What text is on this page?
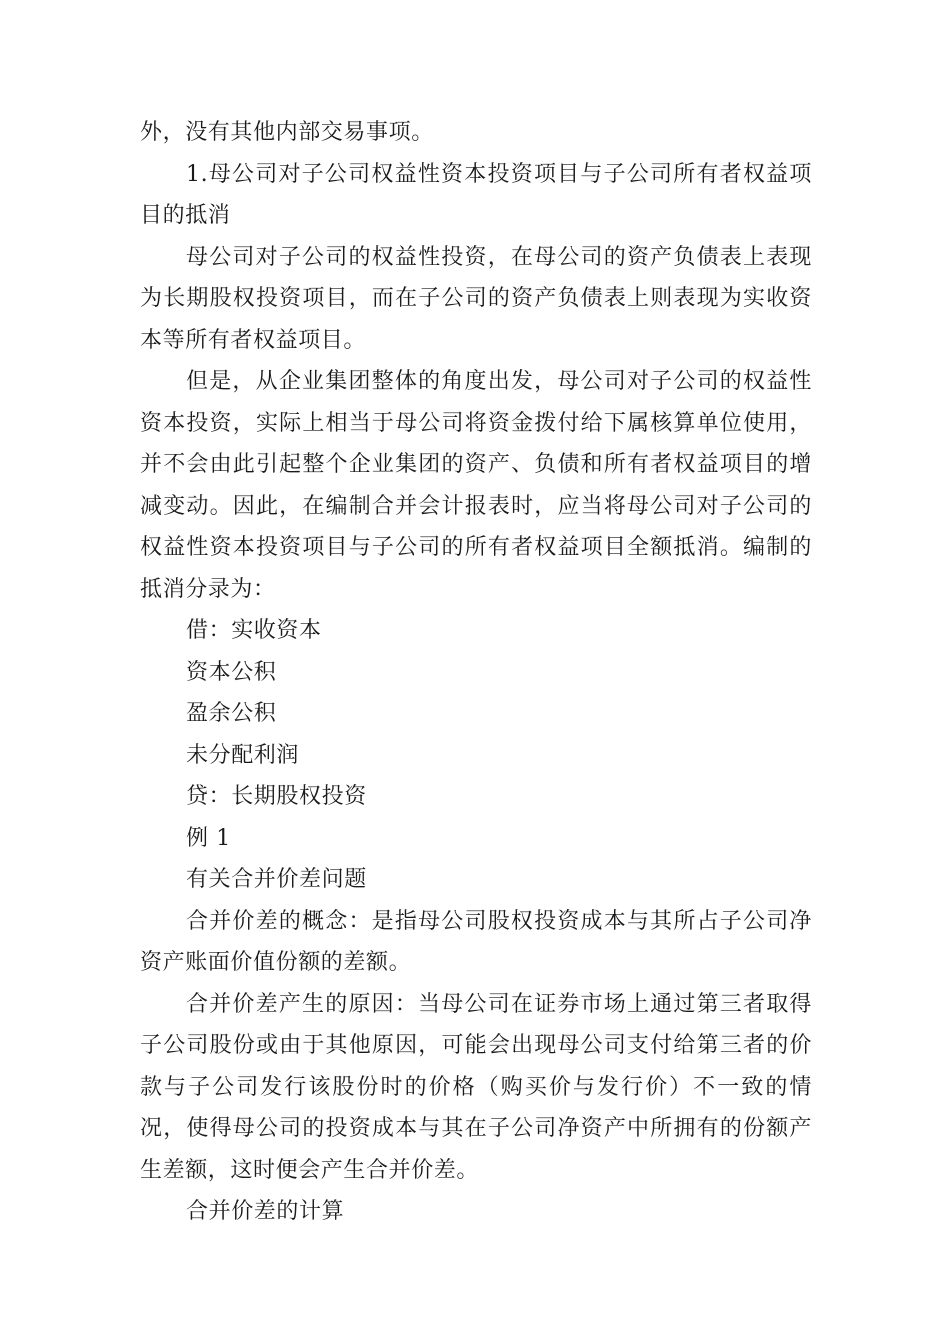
外，没有其他内部交易事项。

1.母公司对子公司权益性资本投资项目与子公司所有者权益项目的抵消

母公司对子公司的权益性投资，在母公司的资产负债表上表现为长期股权投资项目，而在子公司的资产负债表上则表现为实收资本等所有者权益项目。

但是，从企业集团整体的角度出发，母公司对子公司的权益性资本投资，实际上相当于母公司将资金拨付给下属核算单位使用，并不会由此引起整个企业集团的资产、负债和所有者权益项目的增减变动。因此，在编制合并会计报表时，应当将母公司对子公司的权益性资本投资项目与子公司的所有者权益项目全额抵消。编制的抵消分录为：

借：实收资本

资本公积

盈余公积

未分配利润

贷：长期股权投资

例 1

有关合并价差问题

合并价差的概念：是指母公司股权投资成本与其所占子公司净资产账面价值份额的差额。

合并价差产生的原因：当母公司在证券市场上通过第三者取得子公司股份或由于其他原因，可能会出现母公司支付给第三者的价款与子公司发行该股份时的价格（购买价与发行价）不一致的情况，使得母公司的投资成本与其在子公司净资产中所拥有的份额产生差额，这时便会产生合并价差。

合并价差的计算
